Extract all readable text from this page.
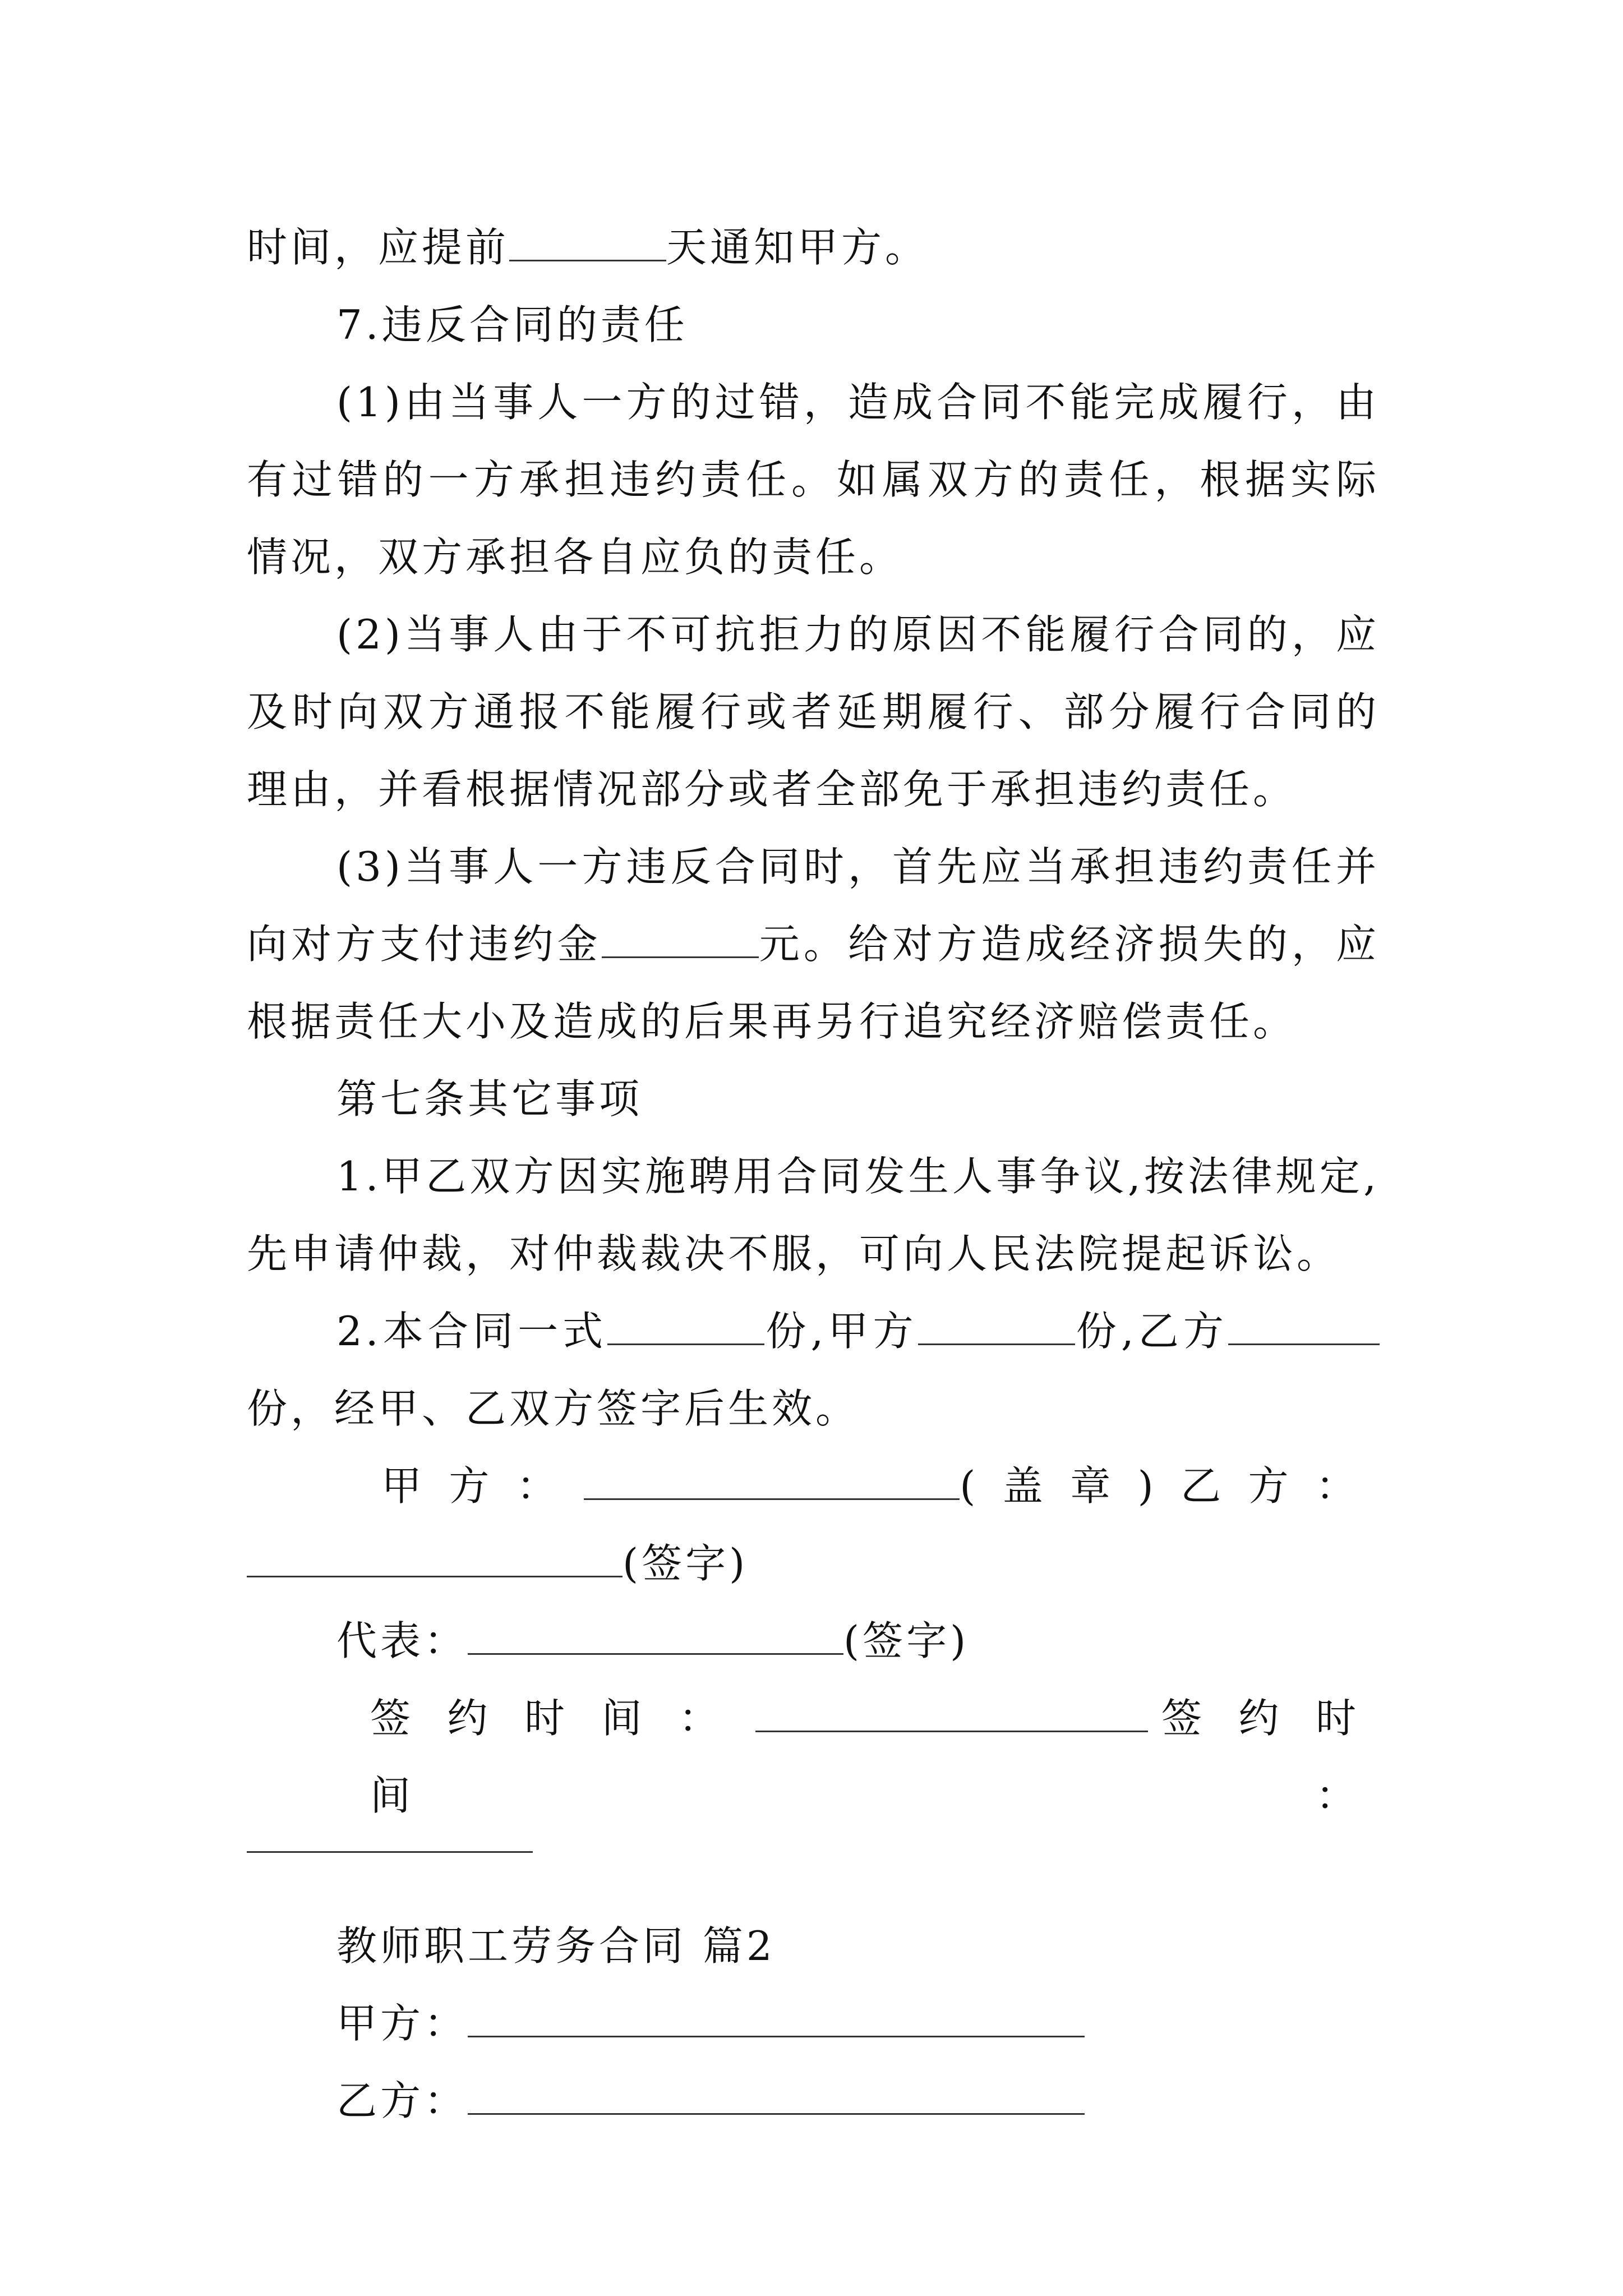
时间，应提前	天通知甲方。

7.违反合同的责任

(1)由当事人一方的过错，造成合同不能完成履行，由有过错的一方承担违约责任。如属双方的责任，根据实际情况，双方承担各自应负的责任。

(2)当事人由于不可抗拒力的原因不能履行合同的，应及时向双方通报不能履行或者延期履行、部分履行合同的理由，并看根据情况部分或者全部免于承担违约责任。

(3)当事人一方违反合同时，首先应当承担违约责任并向对方支付违约金	元。给对方造成经济损失的，应根据责任大小及造成的后果再另行追究经济赔偿责任。

第七条其它事项

1.甲乙双方因实施聘用合同发生人事争议,按法律规定,先申请仲裁，对仲裁裁决不服，可向人民法院提起诉讼。

2.本合同一式	份,甲方	份,乙方份，经甲、乙双方签字后生效。

甲方：	(盖章)乙方：

(签字)

代表：	(签字)

签约时间：	签约时间：

教师职工劳务合同 篇2

甲方：

乙方：
